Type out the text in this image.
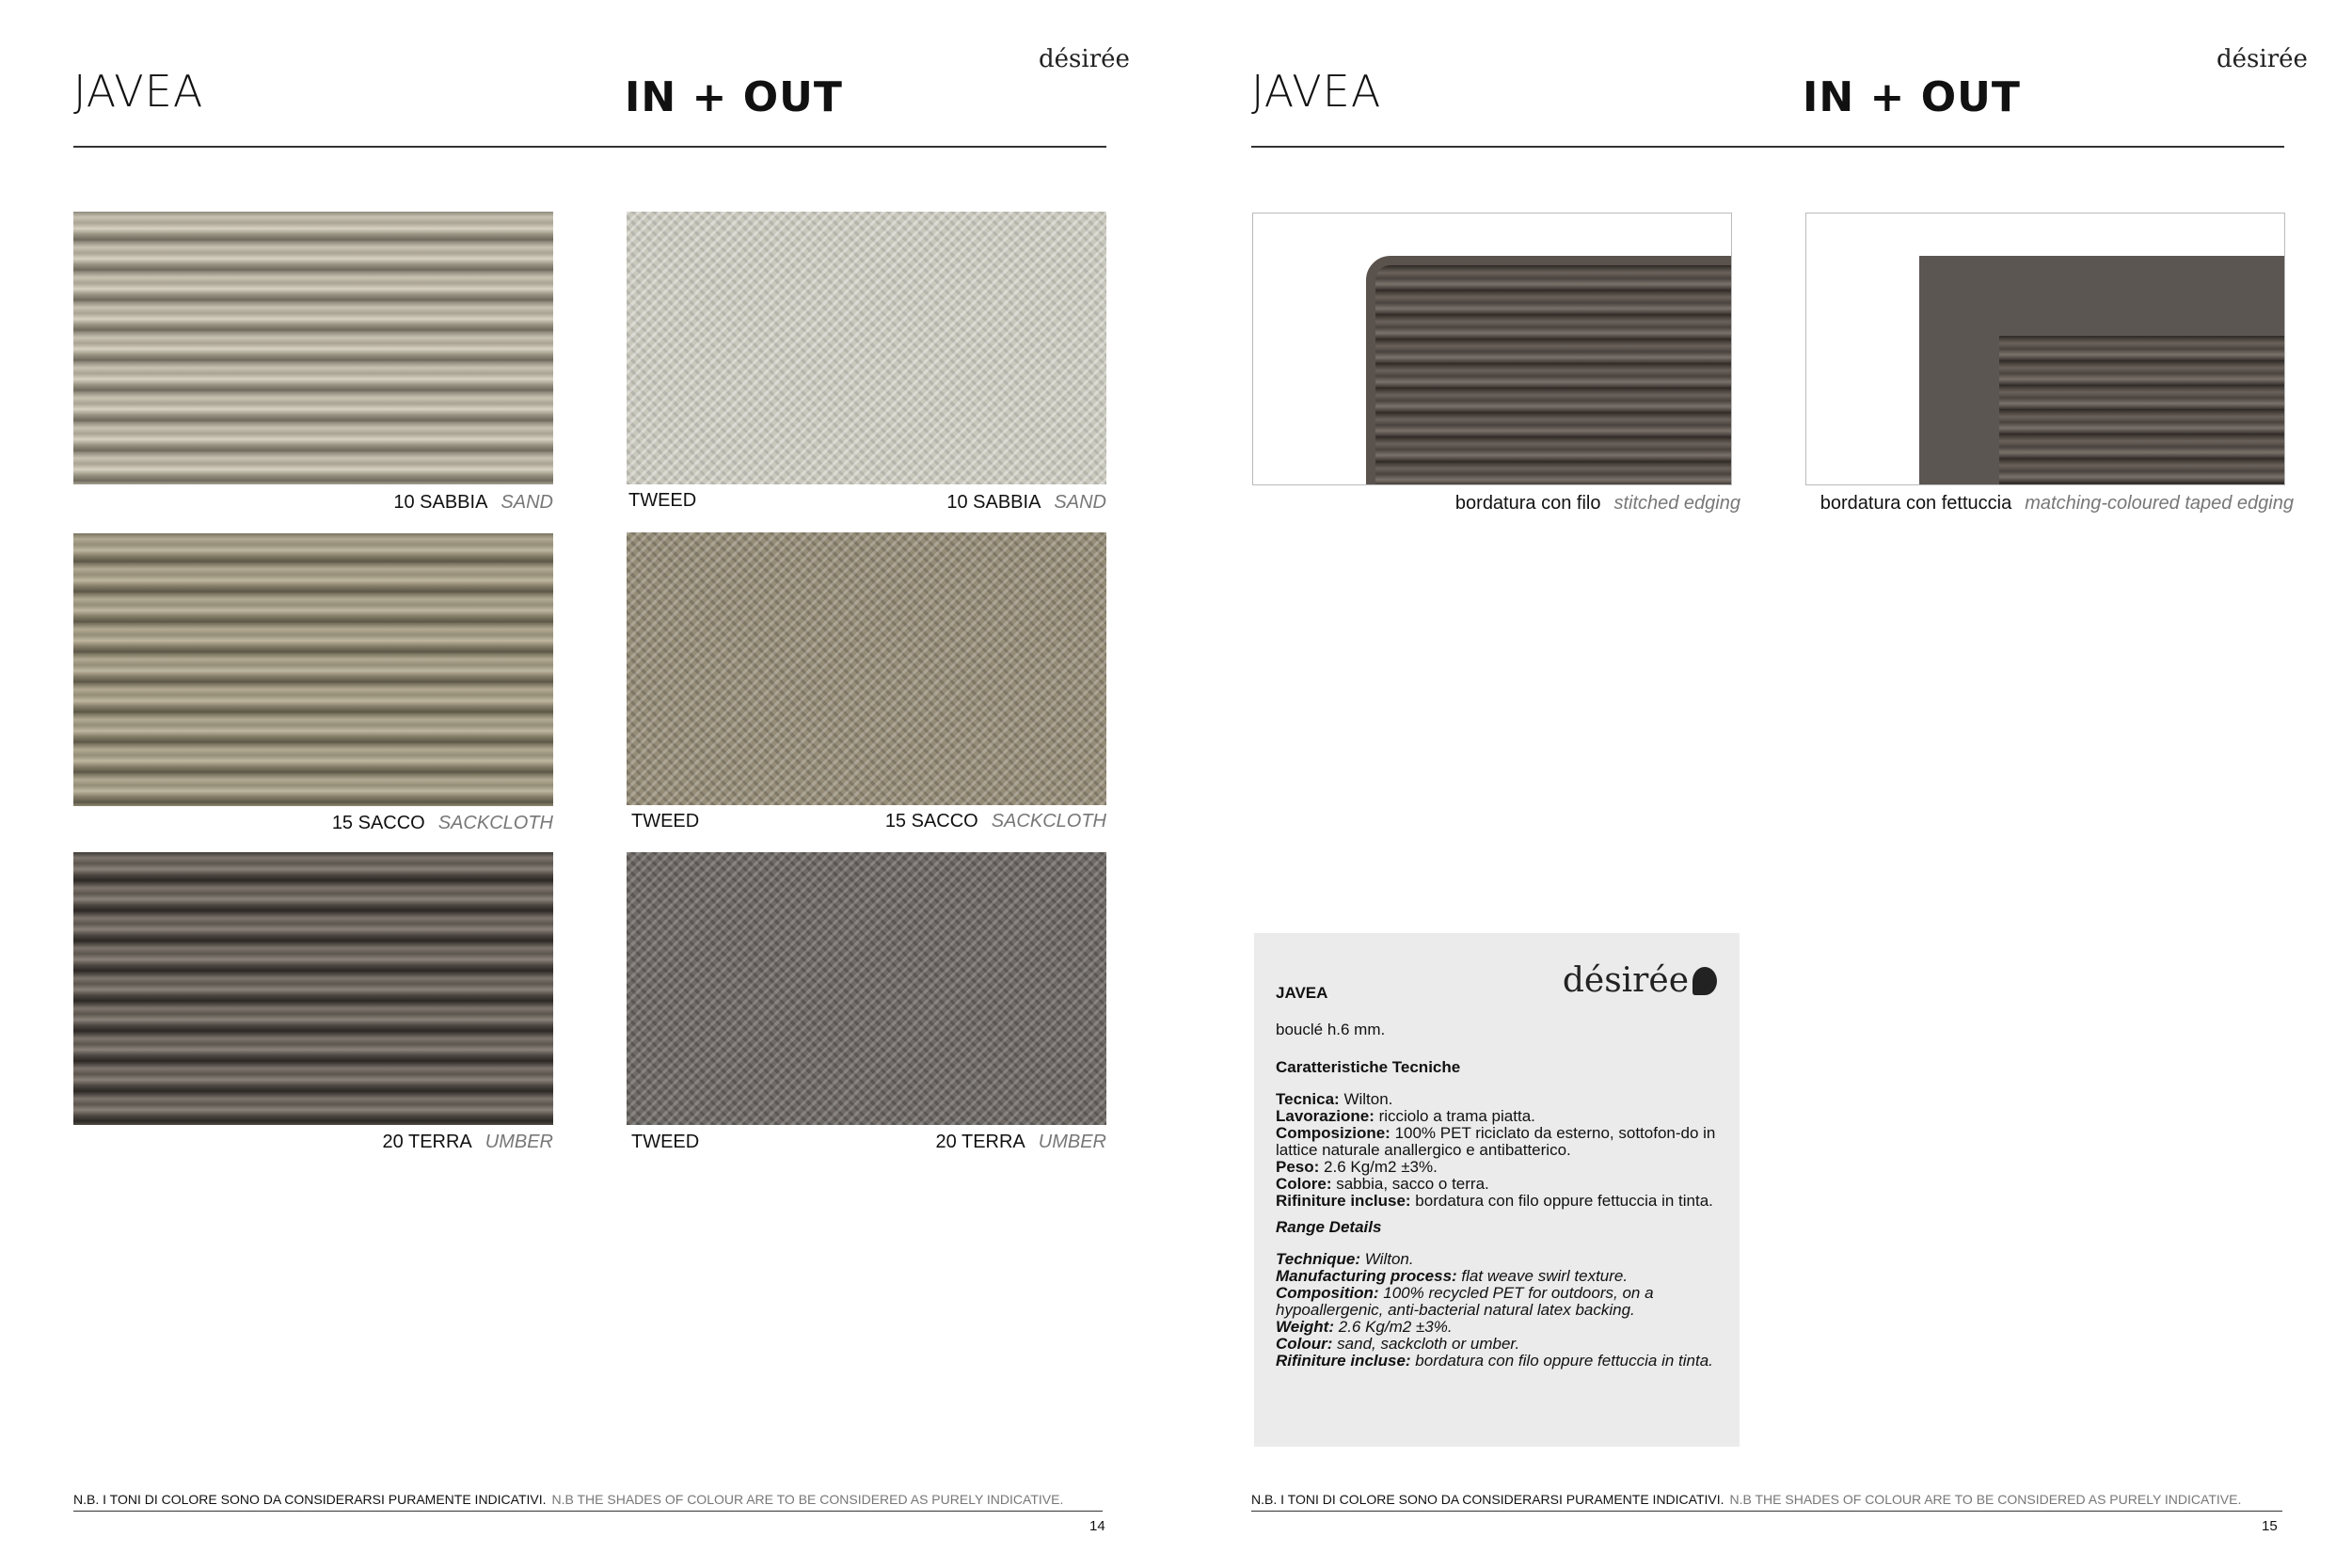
JAVEA	IN + OUT
désirée
10 SABBIA SAND
15 SACCO SACKCLOTH
20 TERRA UMBER
TWEED	10 SABBIA SAND
TWEED	15 SACCO SACKCLOTH
TWEED	20 TERRA UMBER
N.B. I TONI DI COLORE SONO DA CONSIDERARSI PURAMENTE INDICATIVI. N.B THE SHADES OF COLOUR ARE TO BE CONSIDERED AS PURELY INDICATIVE.
14
JAVEA	IN + OUT
désirée
bordatura con filo stitched edging	bordatura con fettuccia matching-coloured taped edging
désirée
JAVEA
bouclé h.6 mm.
Caratteristiche Tecniche
Tecnica: Wilton.
Lavorazione: ricciolo a trama piatta.
Composizione: 100% PET riciclato da esterno, sottofon-do in lattice naturale anallergico e antibatterico.
Peso: 2.6 Kg/m2 ±3%.
Colore: sabbia, sacco o terra.
Rifiniture incluse: bordatura con filo oppure fettuccia in tinta.
Range Details
Technique: Wilton.
Manufacturing process: flat weave swirl texture.
Composition: 100% recycled PET for outdoors, on a hypoallergenic, anti-bacterial natural latex backing.
Weight: 2.6 Kg/m2 ±3%.
Colour: sand, sackcloth or umber.
Rifiniture incluse: bordatura con filo oppure fettuccia in tinta.
N.B. I TONI DI COLORE SONO DA CONSIDERARSI PURAMENTE INDICATIVI. N.B THE SHADES OF COLOUR ARE TO BE CONSIDERED AS PURELY INDICATIVE.
15
